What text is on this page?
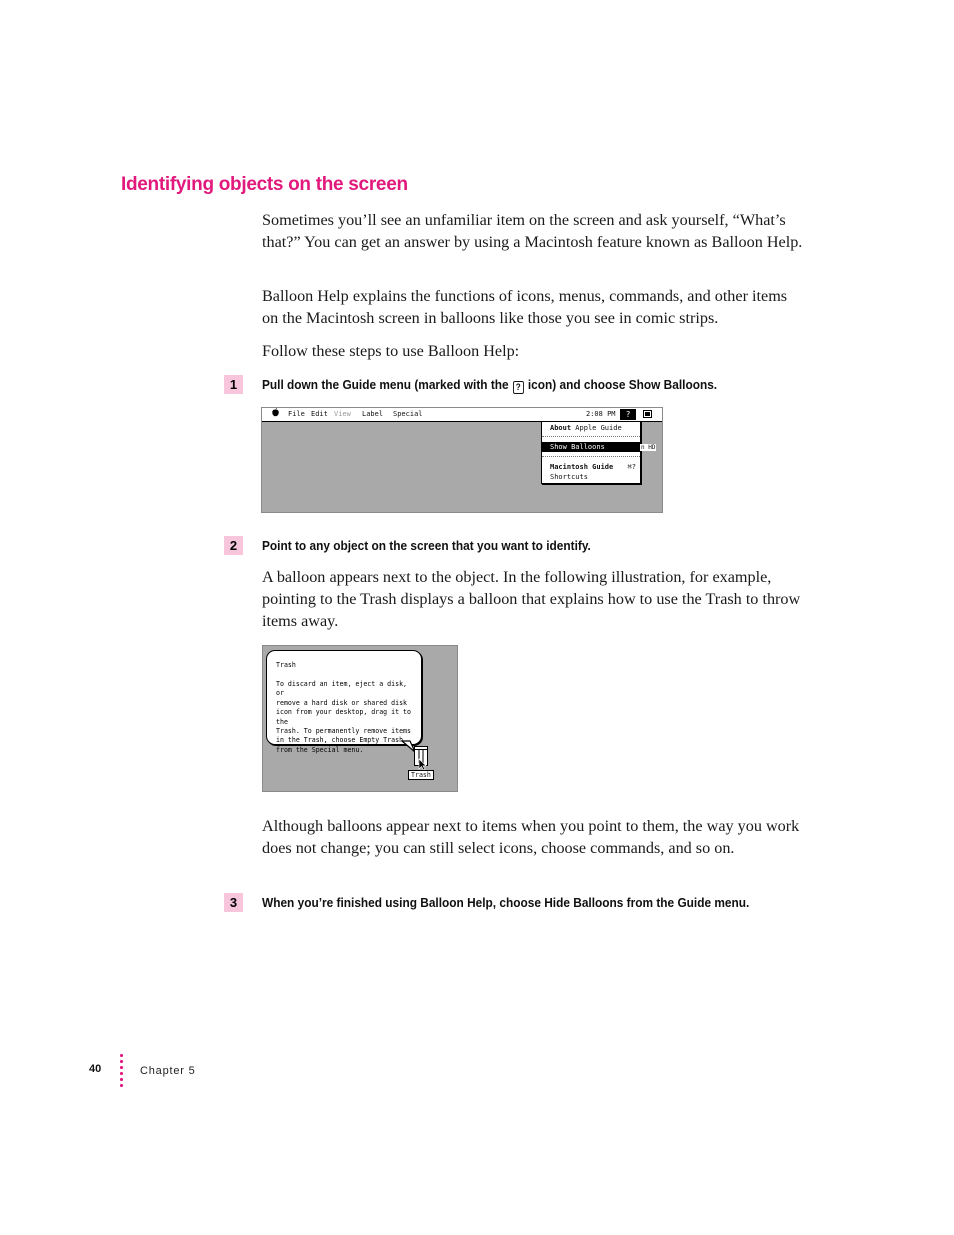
Identifying objects on the screen

Sometimes you’ll see an unfamiliar item on the screen and ask yourself, “What’s that?” You can get an answer by using a Macintosh feature known as Balloon Help.

Balloon Help explains the functions of icons, menus, commands, and other items on the Macintosh screen in balloons like those you see in comic strips.

Follow these steps to use Balloon Help:

1	Pull down the Guide menu (marked with the ? icon) and choose Show Balloons.

File Edit View Label Special	2:08 PM	?
About Apple Guide
Show Balloons
Macintosh Guide ⌘?
Shortcuts
n HD
2	Point to any object on the screen that you want to identify.

A balloon appears next to the object. In the following illustration, for example, pointing to the Trash displays a balloon that explains how to use the Trash to throw items away.

Trash
To discard an item, eject a disk, or
remove a hard disk or shared disk
icon from your desktop, drag it to the
Trash. To permanently remove items
in the Trash, choose Empty Trash
from the Special menu.
Trash

Although balloons appear next to items when you point to them, the way you work does not change; you can still select icons, choose commands, and so on.

3	When you’re finished using Balloon Help, choose Hide Balloons from the Guide menu.

40	Chapter 5
